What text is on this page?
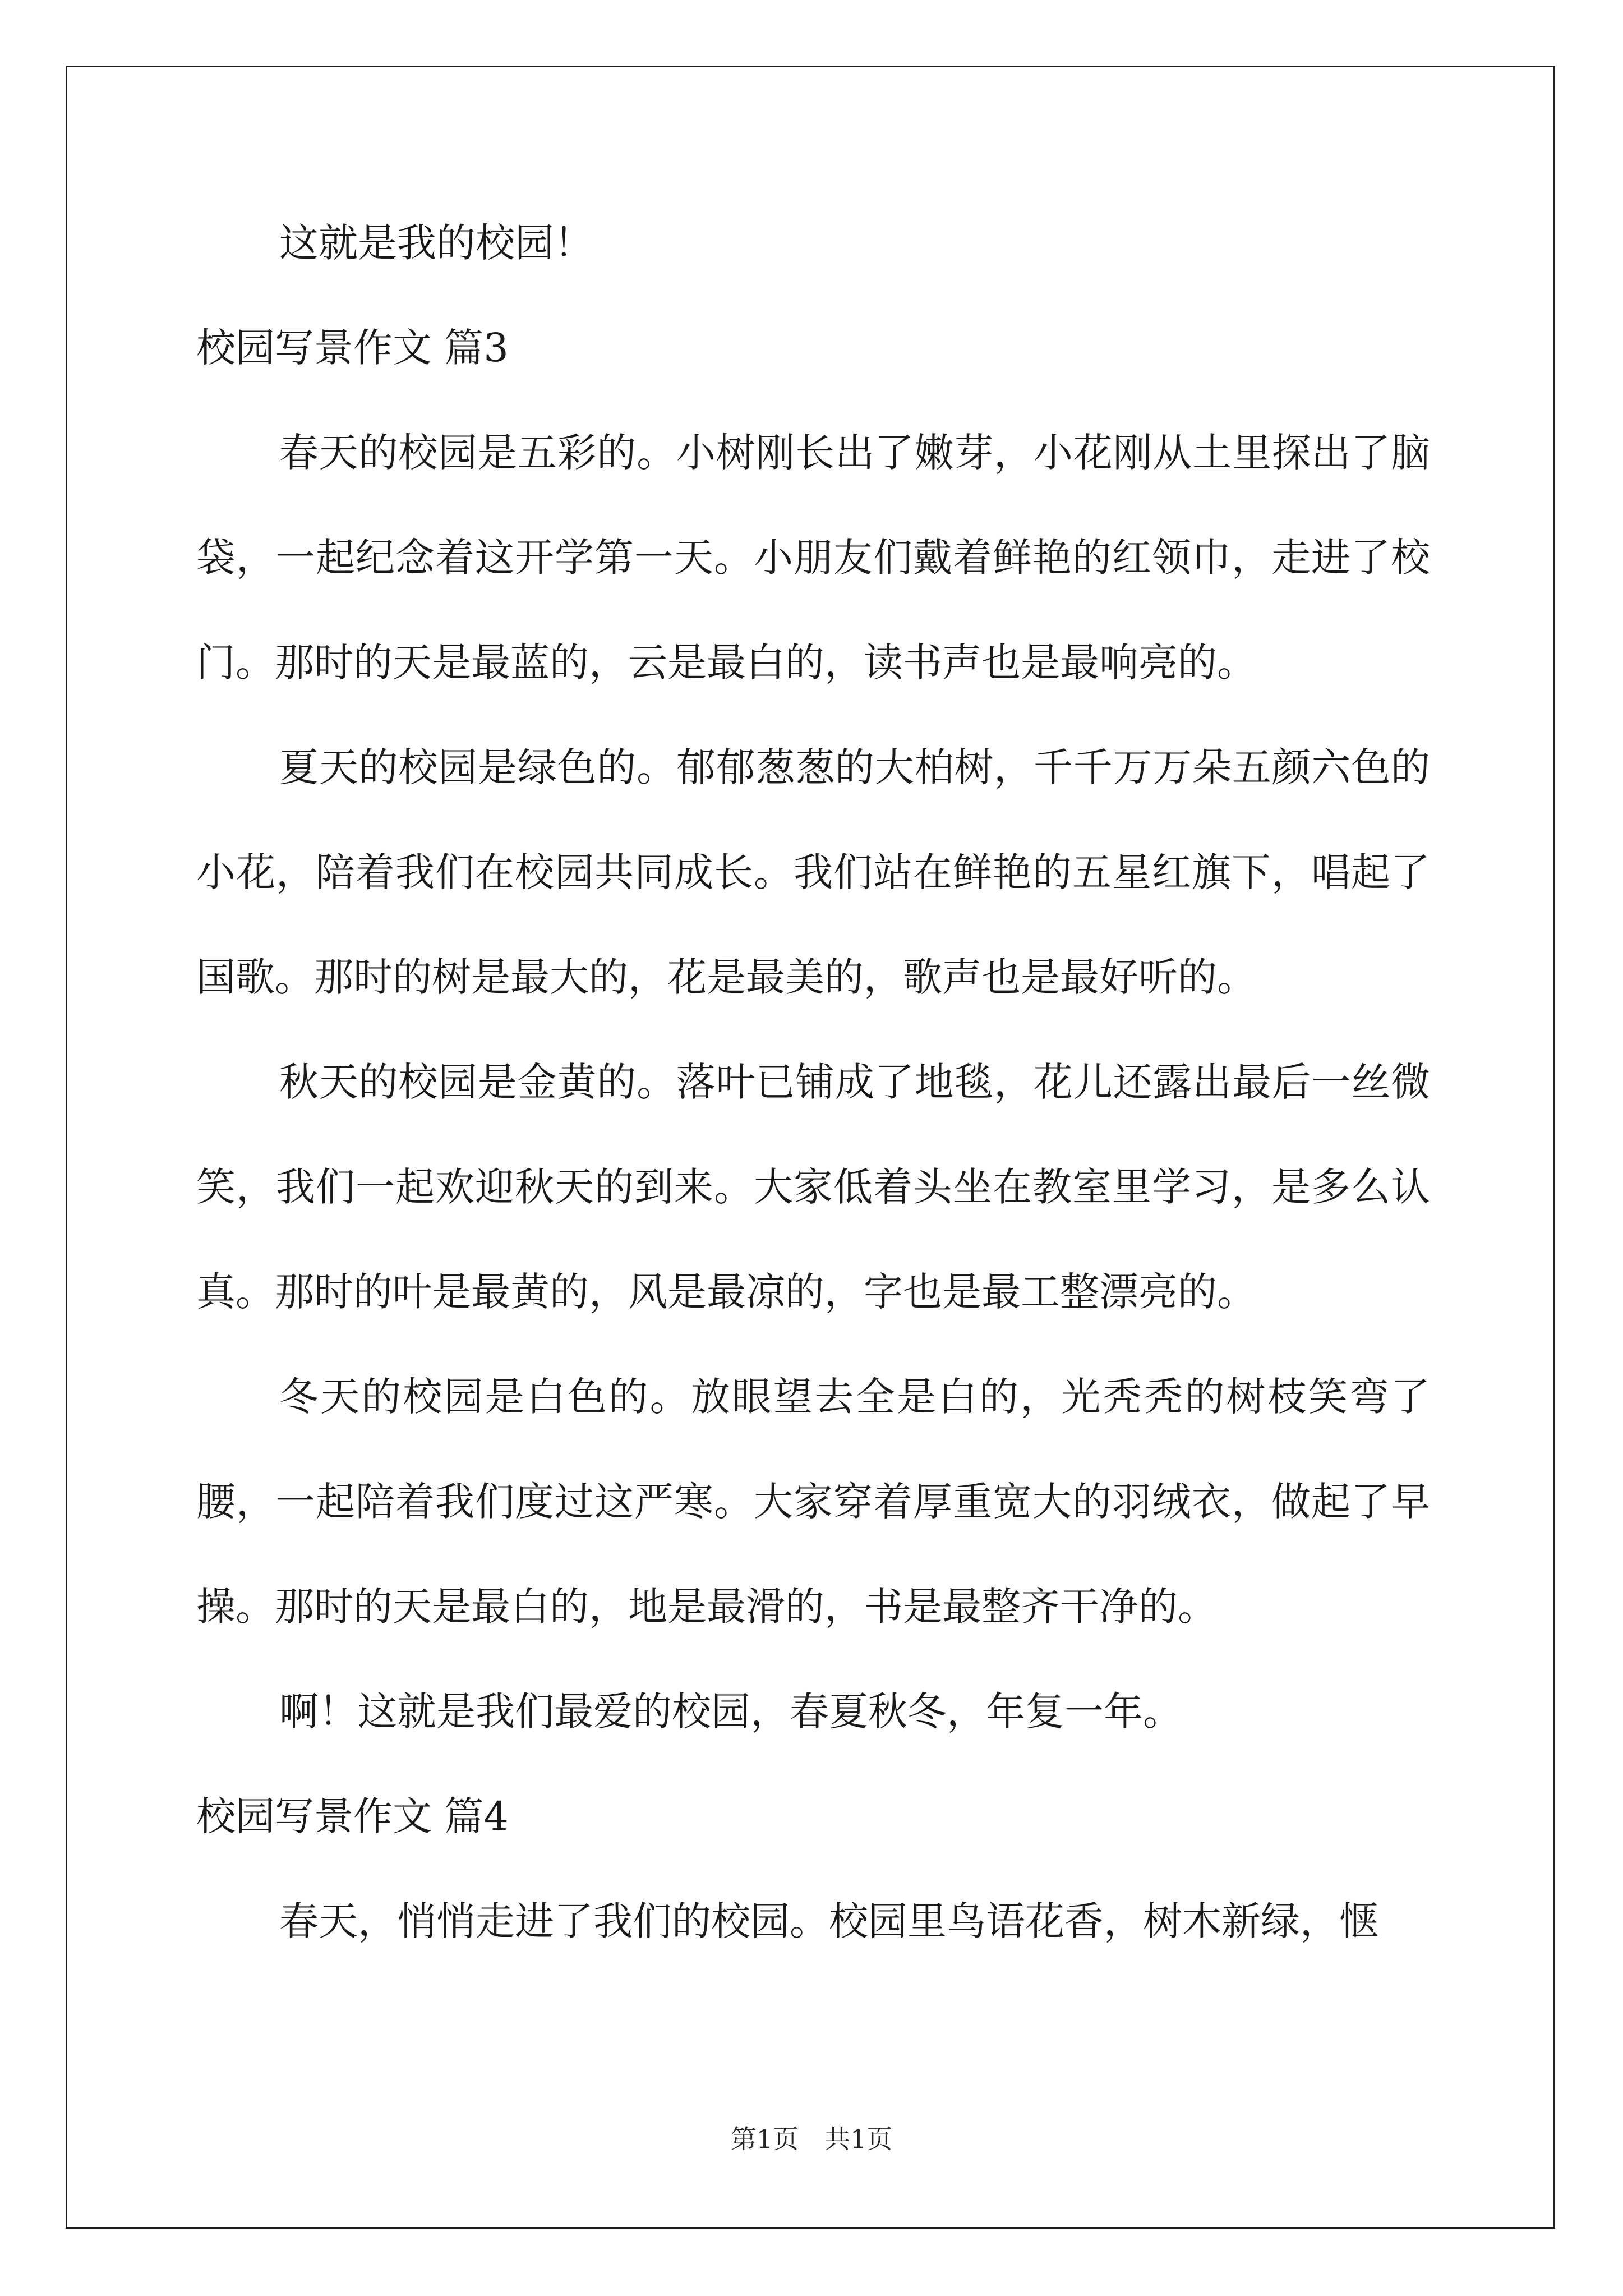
这就是我的校园！

校园写景作文 篇3

春天的校园是五彩的。小树刚长出了嫩芽，小花刚从土里探出了脑袋，一起纪念着这开学第一天。小朋友们戴着鲜艳的红领巾，走进了校门。那时的天是最蓝的，云是最白的，读书声也是最响亮的。

夏天的校园是绿色的。郁郁葱葱的大柏树，千千万万朵五颜六色的小花，陪着我们在校园共同成长。我们站在鲜艳的五星红旗下，唱起了国歌。那时的树是最大的，花是最美的，歌声也是最好听的。

秋天的校园是金黄的。落叶已铺成了地毯，花儿还露出最后一丝微笑，我们一起欢迎秋天的到来。大家低着头坐在教室里学习，是多么认真。那时的叶是最黄的，风是最凉的，字也是最工整漂亮的。

冬天的校园是白色的。放眼望去全是白的，光秃秃的树枝笑弯了腰，一起陪着我们度过这严寒。大家穿着厚重宽大的羽绒衣，做起了早操。那时的天是最白的，地是最滑的，书是最整齐干净的。

啊！这就是我们最爱的校园，春夏秋冬，年复一年。

校园写景作文 篇4

春天，悄悄走进了我们的校园。校园里鸟语花香，树木新绿，惬

第1页 共1页
